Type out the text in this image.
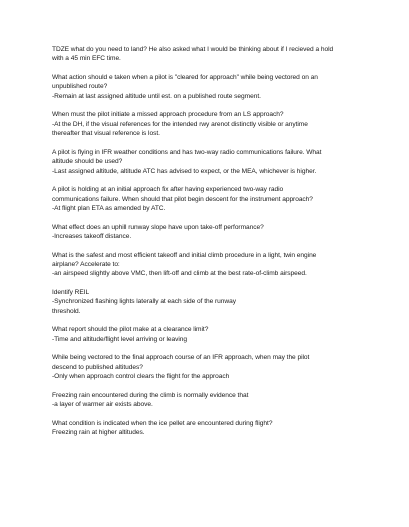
TDZE what do you need to land? He also asked what I would be thinking about if I recieved a hold
with a 45 min EFC time.
What action should e taken when a pilot is "cleared for approach" while being vectored on an
unpublished route?
-Remain at last assigned altitude until est. on a published route segment.
When must the pilot initiate a missed approach procedure from an LS approach?
-At the DH, if the visual references for the intended rwy arenot distinctly visible or anytime
thereafter that visual reference is lost.
A pilot is flying in IFR weather conditions and has two-way radio communications failure. What
altitude should be used?
-Last assigned altitude, altitude ATC has advised to expect, or the MEA, whichever is higher.
A pilot is holding at an initial approach fix after having experienced two-way radio
communications failure. When should that pilot begin descent for the instrument approach?
-At flight plan ETA as amended by ATC.
What effect does an uphill runway slope have upon take-off performance?
-Increases takeoff distance.
What is the safest and most efficient takeoff and initial climb procedure in a light, twin engine
airplane? Accelerate to:
-an airspeed slightly above VMC, then lift-off and climb at the best rate-of-climb airspeed.
Identify REIL
-Synchronized flashing lights laterally at each side of the runway
threshold.
What report should the pilot make at a clearance limit?
-Time and altitude/flight level arriving or leaving
While being vectored to the final approach course of an IFR approach, when may the pilot
descend to published altitudes?
-Only when approach control clears the flight for the approach
Freezing rain encountered during the climb is normally evidence that
-a layer of warmer air exists above.
What condition is indicated when the ice pellet are encountered during flight?
Freezing rain at higher altitudes.
